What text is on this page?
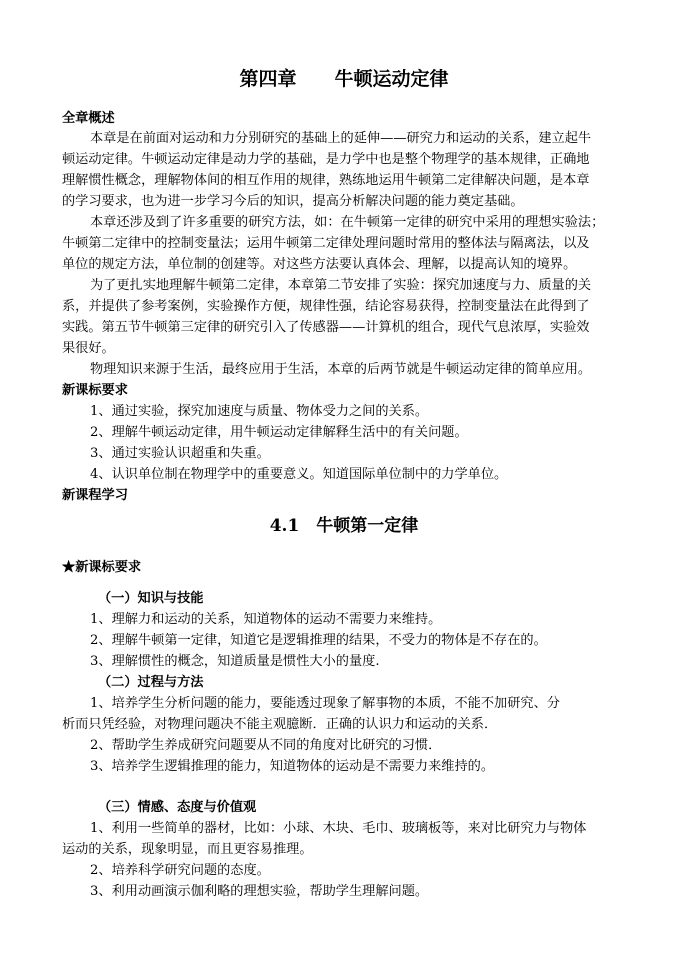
第四章　　牛顿运动定律
全章概述
本章是在前面对运动和力分别研究的基础上的延伸——研究力和运动的关系，建立起牛
顿运动定律。牛顿运动定律是动力学的基础，是力学中也是整个物理学的基本规律，正确地
理解惯性概念，理解物体间的相互作用的规律，熟练地运用牛顿第二定律解决问题，是本章
的学习要求，也为进一步学习今后的知识，提高分析解决问题的能力奠定基础。
本章还涉及到了许多重要的研究方法，如：在牛顿第一定律的研究中采用的理想实验法；
牛顿第二定律中的控制变量法；运用牛顿第二定律处理问题时常用的整体法与隔离法，以及
单位的规定方法，单位制的创建等。对这些方法要认真体会、理解，以提高认知的境界。
为了更扎实地理解牛顿第二定律，本章第二节安排了实验：探究加速度与力、质量的关
系，并提供了参考案例，实验操作方便，规律性强，结论容易获得，控制变量法在此得到了
实践。第五节牛顿第三定律的研究引入了传感器——计算机的组合，现代气息浓厚，实验效
果很好。
物理知识来源于生活，最终应用于生活，本章的后两节就是牛顿运动定律的简单应用。
新课标要求
1、通过实验，探究加速度与质量、物体受力之间的关系。
2、理解牛顿运动定律，用牛顿运动定律解释生活中的有关问题。
3、通过实验认识超重和失重。
4、认识单位制在物理学中的重要意义。知道国际单位制中的力学单位。
新课程学习
4.1　牛顿第一定律
★新课标要求
（一）知识与技能
1、理解力和运动的关系，知道物体的运动不需要力来维持。
2、理解牛顿第一定律，知道它是逻辑推理的结果，不受力的物体是不存在的。
3、理解惯性的概念，知道质量是惯性大小的量度.
（二）过程与方法
1、培养学生分析问题的能力，要能透过现象了解事物的本质，不能不加研究、分
析而只凭经验，对物理问题决不能主观臆断．正确的认识力和运动的关系．
2、帮助学生养成研究问题要从不同的角度对比研究的习惯．
3、培养学生逻辑推理的能力，知道物体的运动是不需要力来维持的。
（三）情感、态度与价值观
1、利用一些简单的器材，比如：小球、木块、毛巾、玻璃板等，来对比研究力与物体
运动的关系，现象明显，而且更容易推理。
2、培养科学研究问题的态度。
3、利用动画演示伽利略的理想实验，帮助学生理解问题。
